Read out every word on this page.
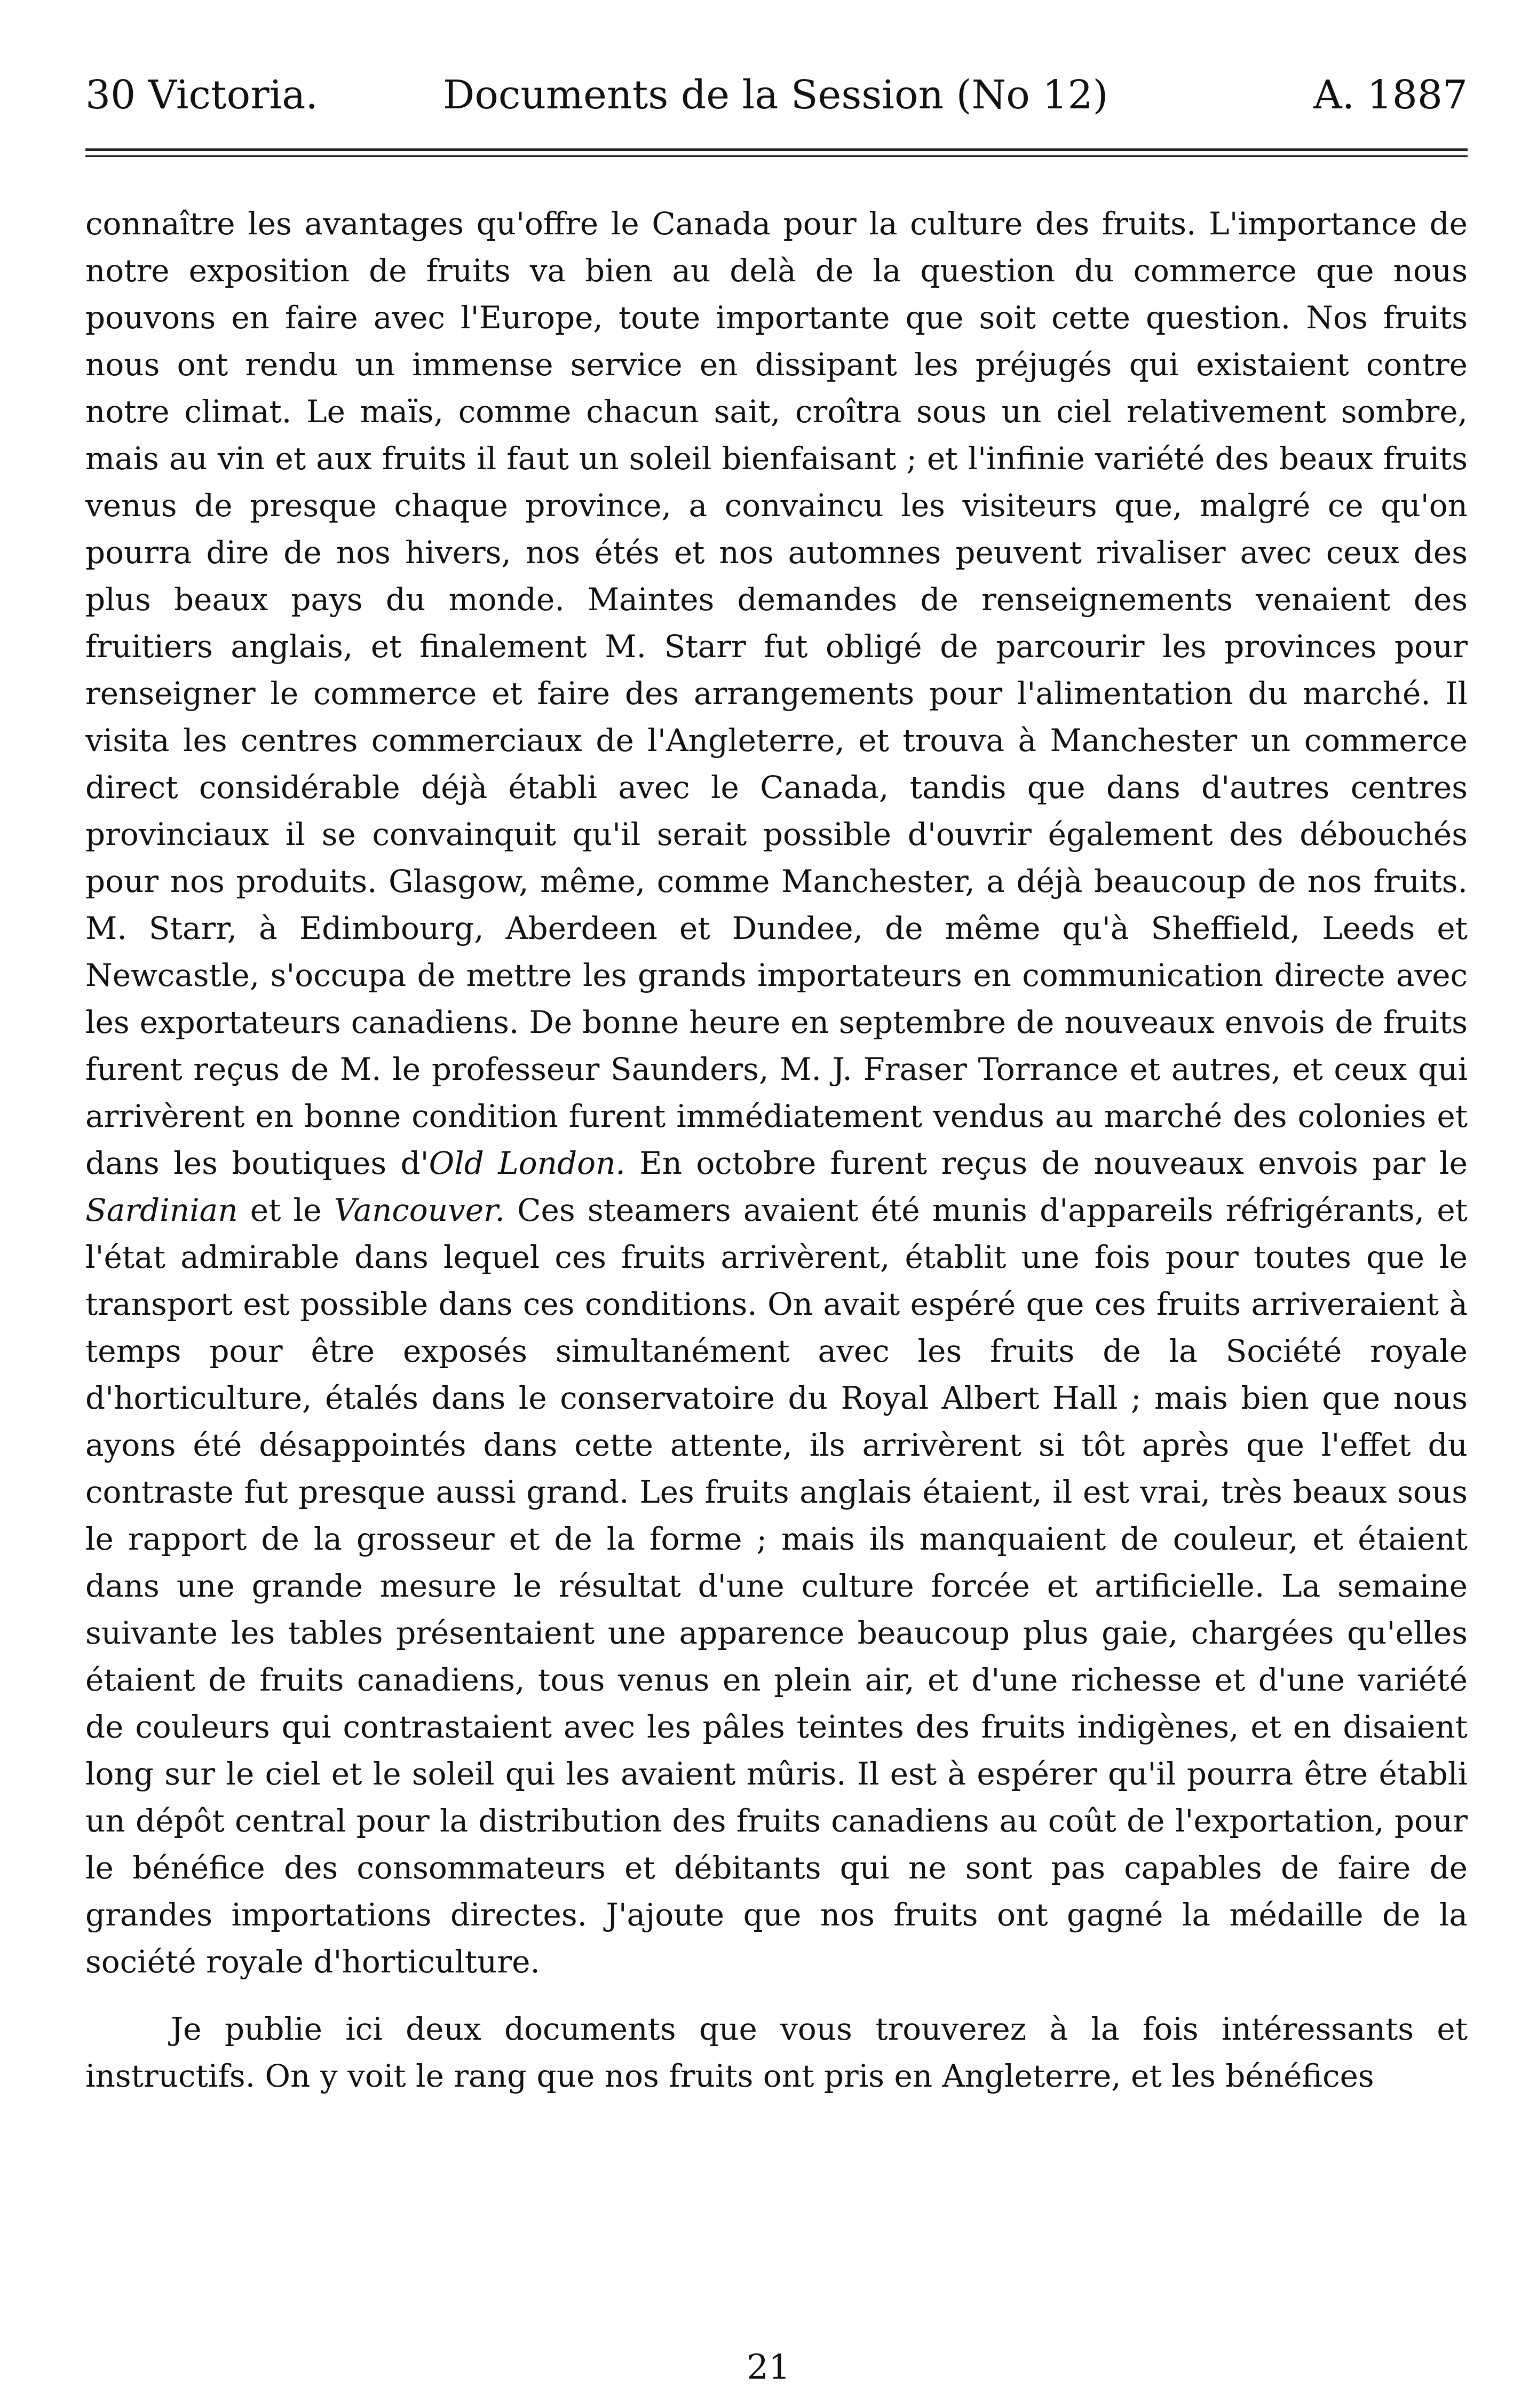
30 Victoria.	Documents de la Session (No 12)	A. 1887

connaître les avantages qu'offre le Canada pour la culture des fruits. L'importance de notre exposition de fruits va bien au delà de la question du commerce que nous pouvons en faire avec l'Europe, toute importante que soit cette question. Nos fruits nous ont rendu un immense service en dissipant les préjugés qui existaient contre notre climat. Le maïs, comme chacun sait, croîtra sous un ciel relativement sombre, mais au vin et aux fruits il faut un soleil bienfaisant ; et l'infinie variété des beaux fruits venus de presque chaque province, a convaincu les visiteurs que, malgré ce qu'on pourra dire de nos hivers, nos étés et nos automnes peuvent rivaliser avec ceux des plus beaux pays du monde. Maintes demandes de renseignements venaient des fruitiers anglais, et finalement M. Starr fut obligé de parcourir les provinces pour renseigner le commerce et faire des arrangements pour l'alimentation du marché. Il visita les centres commerciaux de l'Angleterre, et trouva à Manchester un commerce direct considérable déjà établi avec le Canada, tandis que dans d'autres centres provinciaux il se convainquit qu'il serait possible d'ouvrir également des débouchés pour nos produits. Glasgow, même, comme Manchester, a déjà beaucoup de nos fruits. M. Starr, à Edimbourg, Aberdeen et Dundee, de même qu'à Sheffield, Leeds et Newcastle, s'occupa de mettre les grands importateurs en communication directe avec les exportateurs canadiens. De bonne heure en septembre de nouveaux envois de fruits furent reçus de M. le professeur Saunders, M. J. Fraser Torrance et autres, et ceux qui arrivèrent en bonne condition furent immédiatement vendus au marché des colonies et dans les boutiques d'Old London. En octobre furent reçus de nouveaux envois par le Sardinian et le Vancouver. Ces steamers avaient été munis d'appareils réfrigérants, et l'état admirable dans lequel ces fruits arrivèrent, établit une fois pour toutes que le transport est possible dans ces conditions. On avait espéré que ces fruits arriveraient à temps pour être exposés simultanément avec les fruits de la Société royale d'horticulture, étalés dans le conservatoire du Royal Albert Hall ; mais bien que nous ayons été désappointés dans cette attente, ils arrivèrent si tôt après que l'effet du contraste fut presque aussi grand. Les fruits anglais étaient, il est vrai, très beaux sous le rapport de la grosseur et de la forme ; mais ils manquaient de couleur, et étaient dans une grande mesure le résultat d'une culture forcée et artificielle. La semaine suivante les tables présentaient une apparence beaucoup plus gaie, chargées qu'elles étaient de fruits canadiens, tous venus en plein air, et d'une richesse et d'une variété de couleurs qui contrastaient avec les pâles teintes des fruits indigènes, et en disaient long sur le ciel et le soleil qui les avaient mûris. Il est à espérer qu'il pourra être établi un dépôt central pour la distribution des fruits canadiens au coût de l'exportation, pour le bénéfice des consommateurs et débitants qui ne sont pas capables de faire de grandes importations directes. J'ajoute que nos fruits ont gagné la médaille de la société royale d'horticulture.

Je publie ici deux documents que vous trouverez à la fois intéressants et instructifs. On y voit le rang que nos fruits ont pris en Angleterre, et les bénéfices

21
